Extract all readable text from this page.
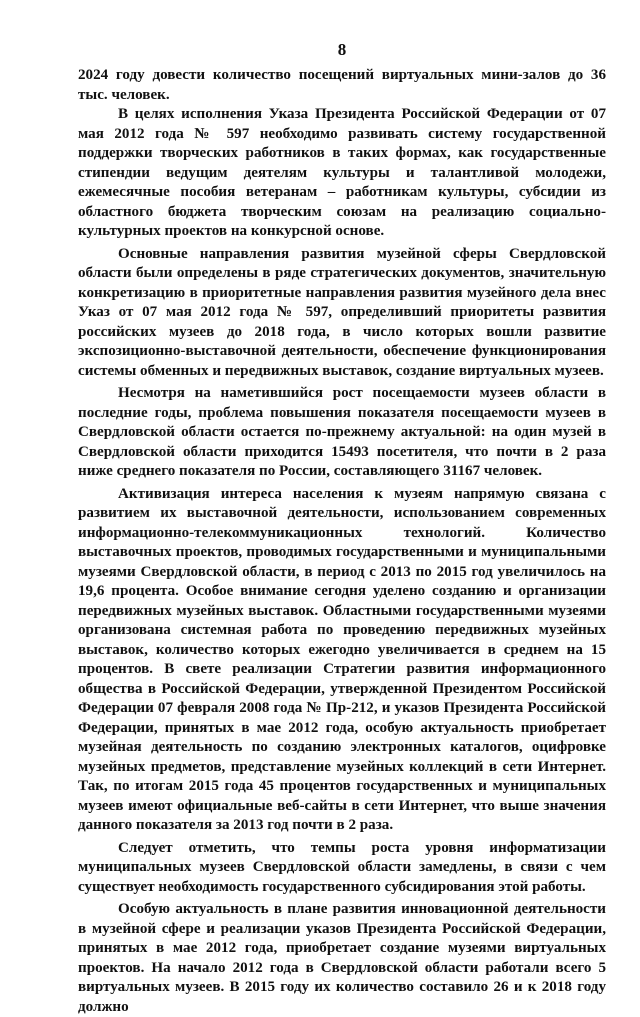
8

2024 году довести количество посещений виртуальных мини-залов до 36 тыс. человек.

В целях исполнения Указа Президента Российской Федерации от 07 мая 2012 года № 597 необходимо развивать систему государственной поддержки творческих работников в таких формах, как государственные стипендии ведущим деятелям культуры и талантливой молодежи, ежемесячные пособия ветеранам – работникам культуры, субсидии из областного бюджета творческим союзам на реализацию социально-культурных проектов на конкурсной основе.

Основные направления развития музейной сферы Свердловской области были определены в ряде стратегических документов, значительную конкретизацию в приоритетные направления развития музейного дела внес Указ от 07 мая 2012 года № 597, определивший приоритеты развития российских музеев до 2018 года, в число которых вошли развитие экспозиционно-выставочной деятельности, обеспечение функционирования системы обменных и передвижных выставок, создание виртуальных музеев.

Несмотря на наметившийся рост посещаемости музеев области в последние годы, проблема повышения показателя посещаемости музеев в Свердловской области остается по-прежнему актуальной: на один музей в Свердловской области приходится 15493 посетителя, что почти в 2 раза ниже среднего показателя по России, составляющего 31167 человек.

Активизация интереса населения к музеям напрямую связана с развитием их выставочной деятельности, использованием современных информационно-телекоммуникационных технологий. Количество выставочных проектов, проводимых государственными и муниципальными музеями Свердловской области, в период с 2013 по 2015 год увеличилось на 19,6 процента. Особое внимание сегодня уделено созданию и организации передвижных музейных выставок. Областными государственными музеями организована системная работа по проведению передвижных музейных выставок, количество которых ежегодно увеличивается в среднем на 15 процентов. В свете реализации Стратегии развития информационного общества в Российской Федерации, утвержденной Президентом Российской Федерации 07 февраля 2008 года № Пр-212, и указов Президента Российской Федерации, принятых в мае 2012 года, особую актуальность приобретает музейная деятельность по созданию электронных каталогов, оцифровке музейных предметов, представление музейных коллекций в сети Интернет. Так, по итогам 2015 года 45 процентов государственных и муниципальных музеев имеют официальные веб-сайты в сети Интернет, что выше значения данного показателя за 2013 год почти в 2 раза.

Следует отметить, что темпы роста уровня информатизации муниципальных музеев Свердловской области замедлены, в связи с чем существует необходимость государственного субсидирования этой работы.

Особую актуальность в плане развития инновационной деятельности в музейной сфере и реализации указов Президента Российской Федерации, принятых в мае 2012 года, приобретает создание музеями виртуальных проектов. На начало 2012 года в Свердловской области работали всего 5 виртуальных музеев. В 2015 году их количество составило 26 и к 2018 году должно
